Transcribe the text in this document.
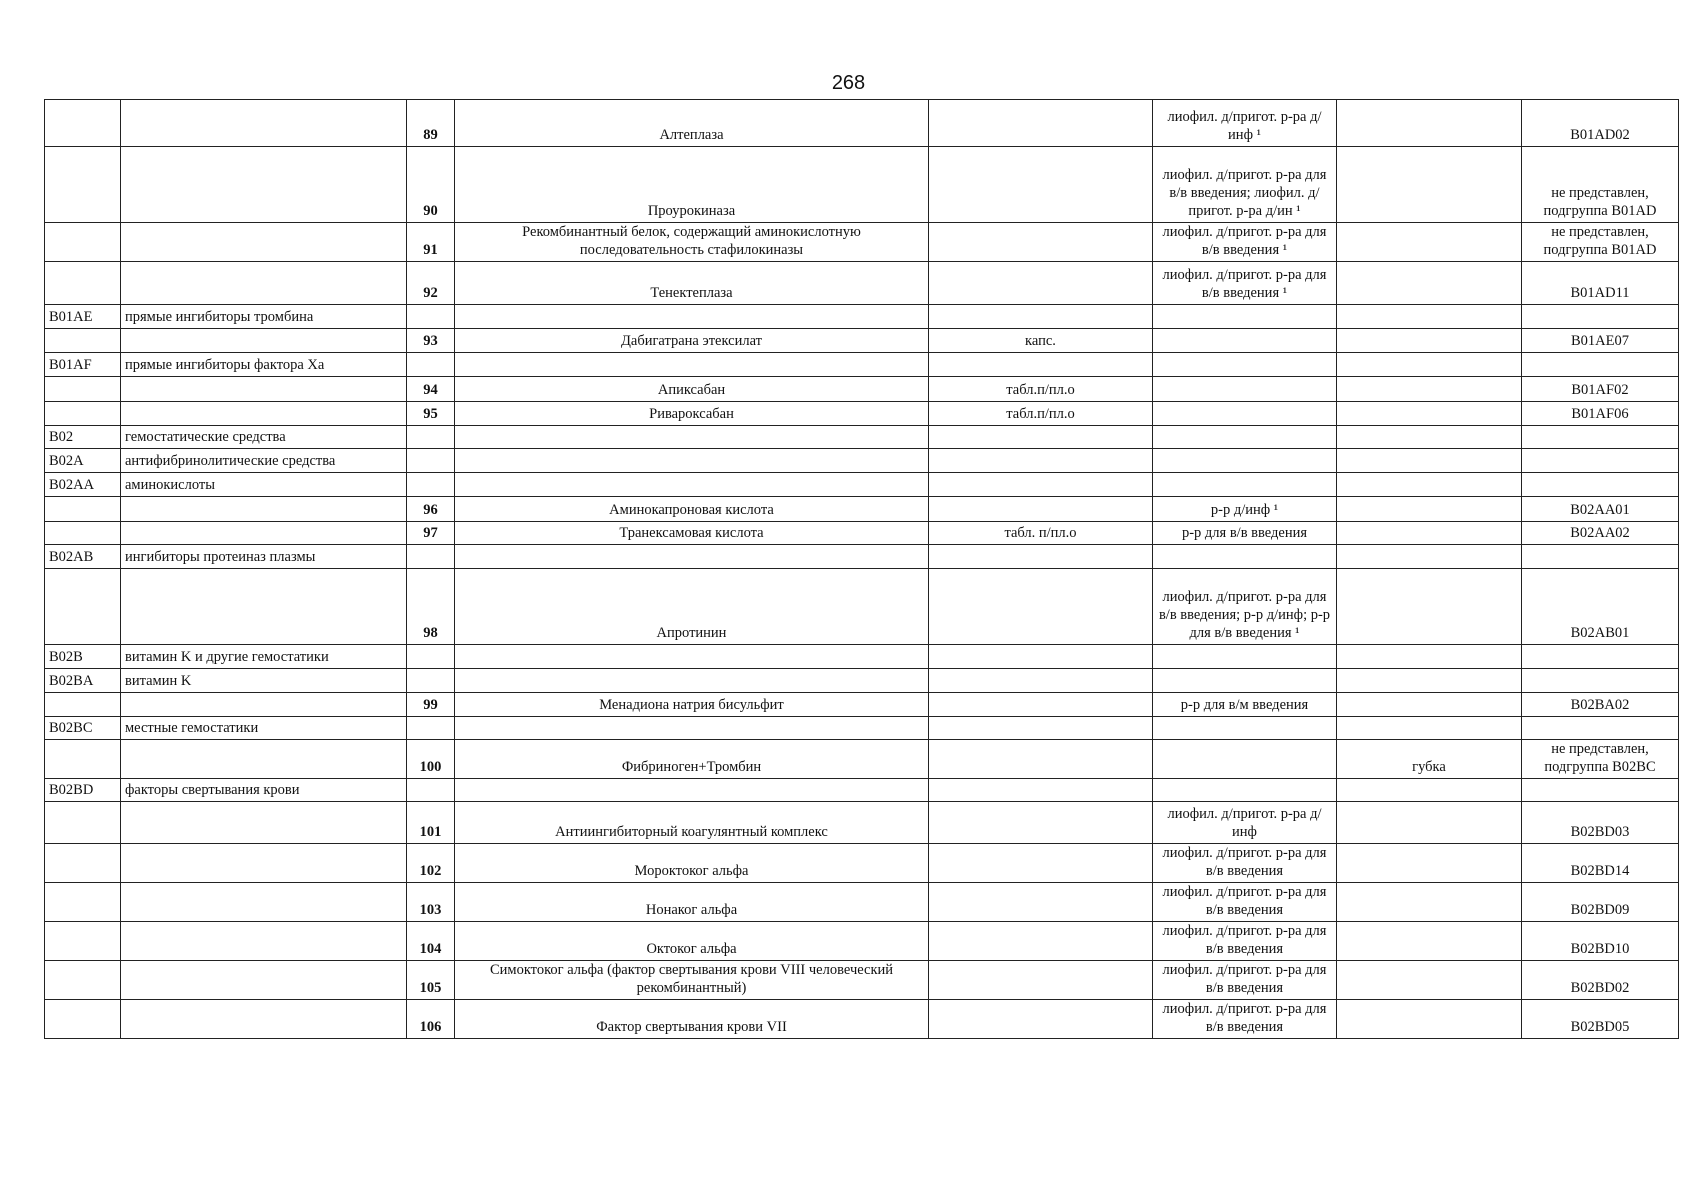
268
		89	Алтеплаза		лиофил. д/пригот. р-ра д/инф ¹		B01AD02
		90	Проурокиназа		лиофил. д/пригот. р-ра для в/в введения; лиофил. д/пригот. р-ра д/ин ¹		не представлен, подгруппа B01AD
		91	Рекомбинантный белок, содержащий аминокислотную последовательность стафилокиназы		лиофил. д/пригот. р-ра для в/в введения ¹		не представлен, подгруппа B01AD
		92	Тенектеплаза		лиофил. д/пригот. р-ра для в/в введения ¹		B01AD11
B01AE	прямые ингибиторы тромбина						
		93	Дабигатрана этексилат	капс.			B01AE07
B01AF	прямые ингибиторы фактора Xa						
		94	Апиксабан	табл.п/пл.о			B01AF02
		95	Ривароксабан	табл.п/пл.о			B01AF06
B02	гемостатические средства						
B02A	антифибринолитические средства						
B02AA	аминокислоты						
		96	Аминокапроновая кислота		р-р д/инф ¹		B02AA01
		97	Транексамовая кислота	табл. п/пл.о	р-р для в/в введения		B02AA02
B02AB	ингибиторы протеиназ плазмы						
		98	Апротинин		лиофил. д/пригот. р-ра для в/в введения; р-р д/инф; р-р для в/в введения ¹		B02AB01
B02B	витамин K и другие гемостатики						
B02BA	витамин K						
		99	Менадиона натрия бисульфит		р-р для в/м введения		B02BA02
B02BC	местные гемостатики						
		100	Фибриноген+Тромбин			губка	не представлен, подгруппа B02BC
B02BD	факторы свертывания крови						
		101	Антиингибиторный коагулянтный комплекс		лиофил. д/пригот. р-ра д/инф		B02BD03
		102	Мороктоког альфа		лиофил. д/пригот. р-ра для в/в введения		B02BD14
		103	Нонаког альфа		лиофил. д/пригот. р-ра для в/в введения		B02BD09
		104	Октоког альфа		лиофил. д/пригот. р-ра для в/в введения		B02BD10
		105	Симоктоког альфа (фактор свертывания крови VIII человеческий рекомбинантный)		лиофил. д/пригот. р-ра для в/в введения		B02BD02
		106	Фактор свертывания крови VII		лиофил. д/пригот. р-ра для в/в введения		B02BD05
